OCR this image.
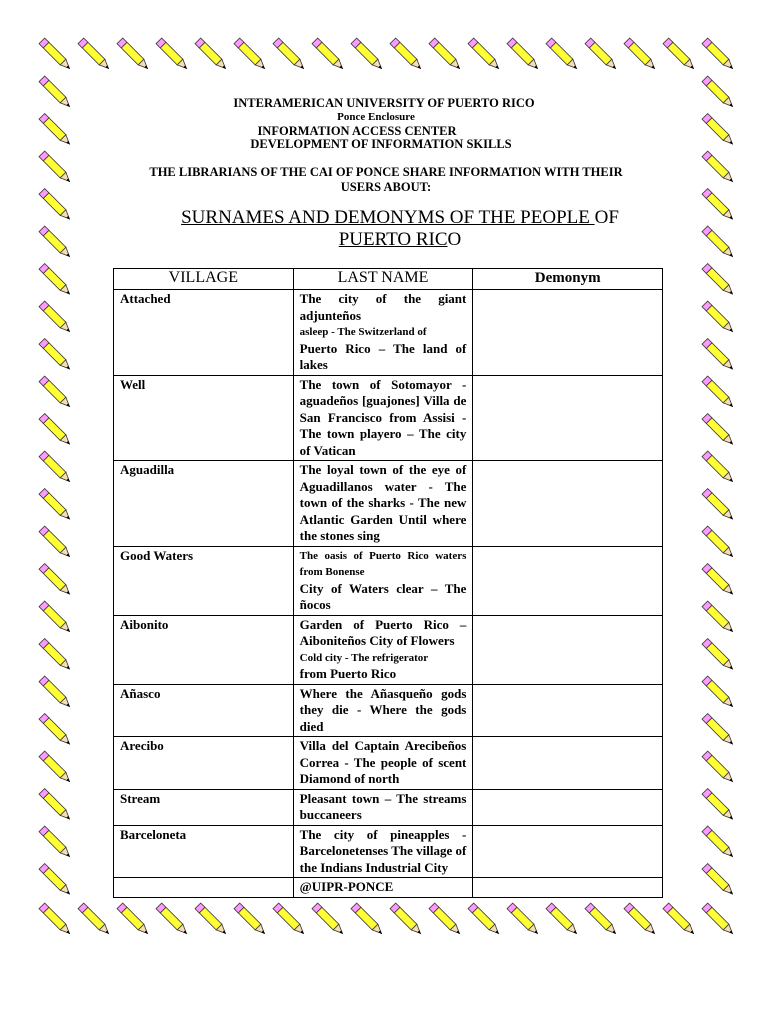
INTERAMERICAN UNIVERSITY OF PUERTO RICO
Ponce Enclosure
INFORMATION ACCESS CENTER
DEVELOPMENT OF INFORMATION SKILLS
THE LIBRARIANS OF THE CAI OF PONCE SHARE INFORMATION WITH THEIR
USERS ABOUT:
SURNAMES AND DEMONYMS OF THE PEOPLE OF
PUERTO RICO
VILLAGE	LAST NAME	Demonym
Attached	The city of the giant adjunteños
asleep - The Switzerland of
Puerto Rico – The land of lakes	

Well	The town of Sotomayor - aguadeños [guajones] Villa de San Francisco from Assisi - The town playero – The city of Vatican	
Aguadilla	The loyal town of the eye of Aguadillanos water - The town of the sharks - The new Atlantic Garden Until where the stones sing	
Good Waters	The oasis of Puerto Rico waters from Bonense
City of Waters clear – The ñocos	

Aibonito	Garden of Puerto Rico – Aiboniteños City of Flowers
Cold city - The refrigerator
from Puerto Rico	

Añasco	Where the Añasqueño gods they die - Where the gods died	
Arecibo	Villa del Captain Arecibeños Correa - The people of scent Diamond of north	
Stream	Pleasant town – The streams buccaneers	
Barceloneta	The city of pineapples - Barcelonetenses The village of the Indians Industrial City	
	@UIPR-PONCE	
